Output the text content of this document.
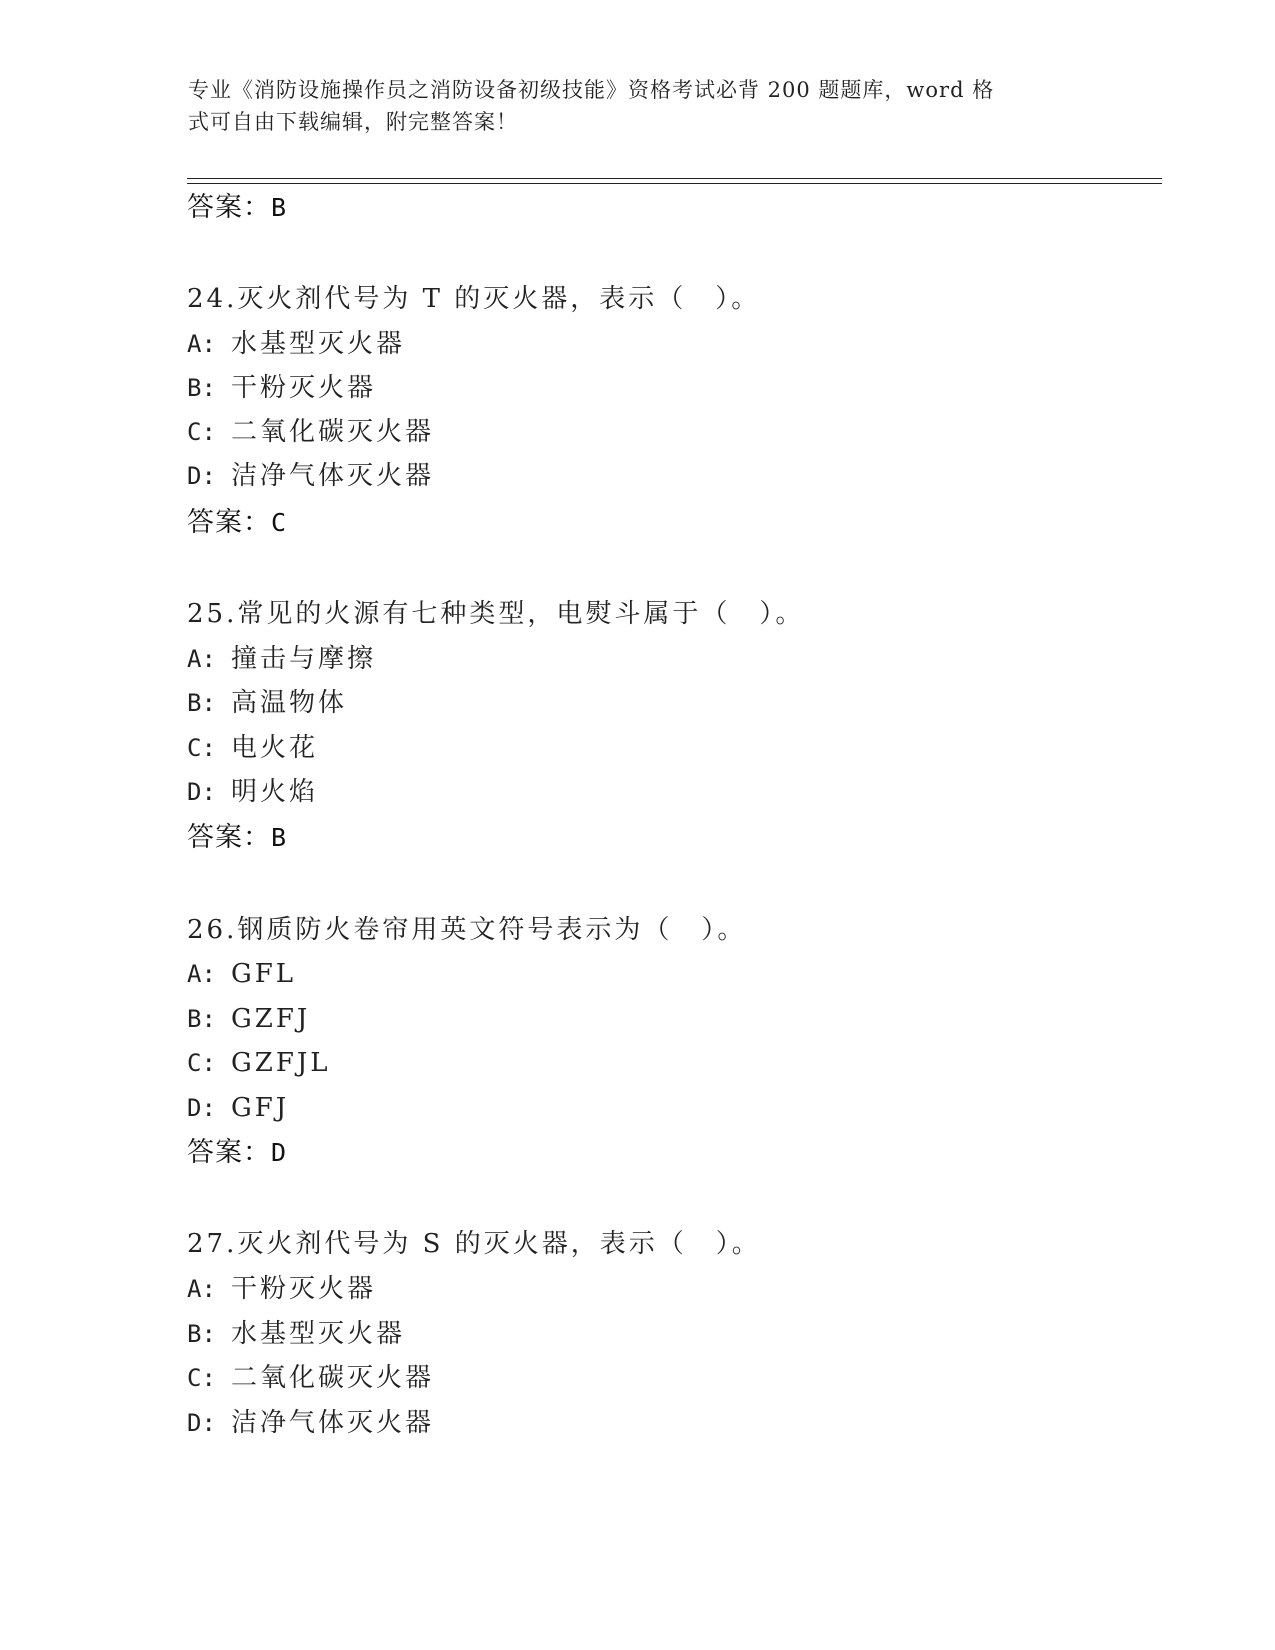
专业《消防设施操作员之消防设备初级技能》资格考试必背 200 题题库，word 格
式可自由下载编辑，附完整答案！
答案：B
24.灭火剂代号为 T 的灭火器，表示（　）。
A: 水基型灭火器
B: 干粉灭火器
C: 二氧化碳灭火器
D: 洁净气体灭火器
答案：C
25.常见的火源有七种类型，电熨斗属于（　）。
A: 撞击与摩擦
B: 高温物体
C: 电火花
D: 明火焰
答案：B
26.钢质防火卷帘用英文符号表示为（　）。
A: GFL
B: GZFJ
C: GZFJL
D: GFJ
答案：D
27.灭火剂代号为 S 的灭火器，表示（　）。
A: 干粉灭火器
B: 水基型灭火器
C: 二氧化碳灭火器
D: 洁净气体灭火器
